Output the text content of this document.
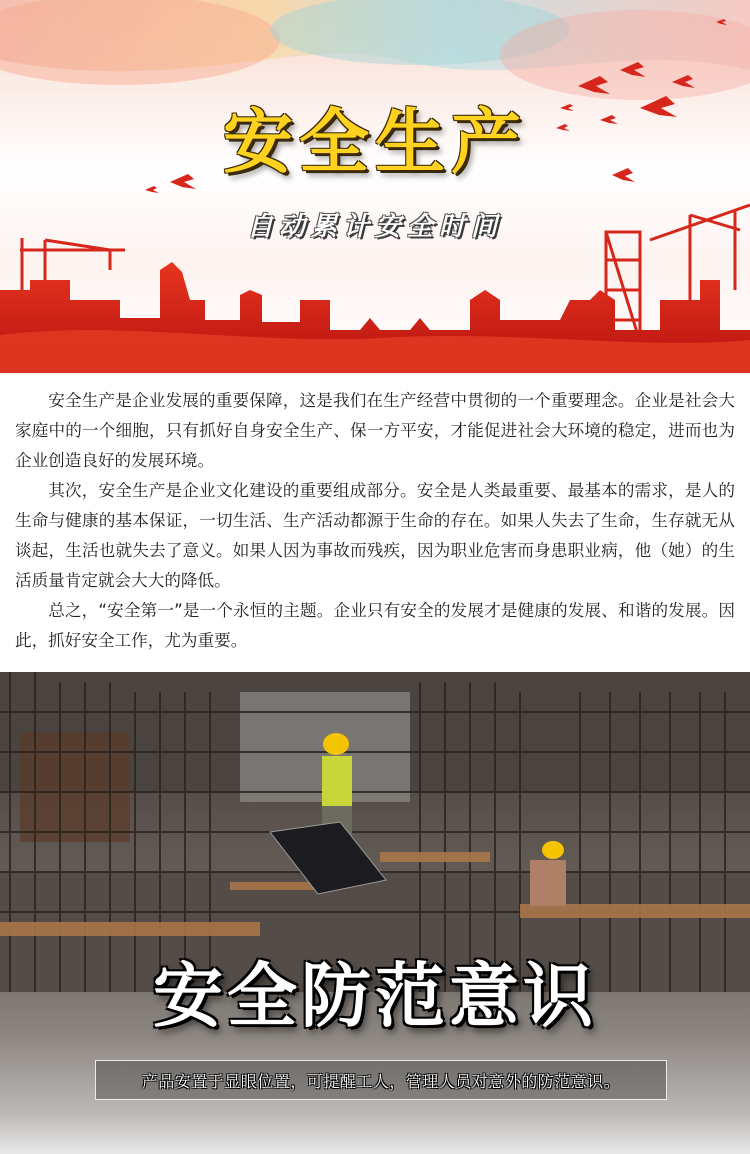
安全生产
自动累计安全时间

安全生产是企业发展的重要保障，这是我们在生产经营中贯彻的一个重要理念。企业是社会大家庭中的一个细胞，只有抓好自身安全生产、保一方平安，才能促进社会大环境的稳定，进而也为企业创造良好的发展环境。

其次，安全生产是企业文化建设的重要组成部分。安全是人类最重要、最基本的需求，是人的生命与健康的基本保证，一切生活、生产活动都源于生命的存在。如果人失去了生命，生存就无从谈起，生活也就失去了意义。如果人因为事故而残疾，因为职业危害而身患职业病，他（她）的生活质量肯定就会大大的降低。

总之，“安全第一”是一个永恒的主题。企业只有安全的发展才是健康的发展、和谐的发展。因此，抓好安全工作，尤为重要。

安全防范意识
产品安置于显眼位置，可提醒工人，管理人员对意外的防范意识。
